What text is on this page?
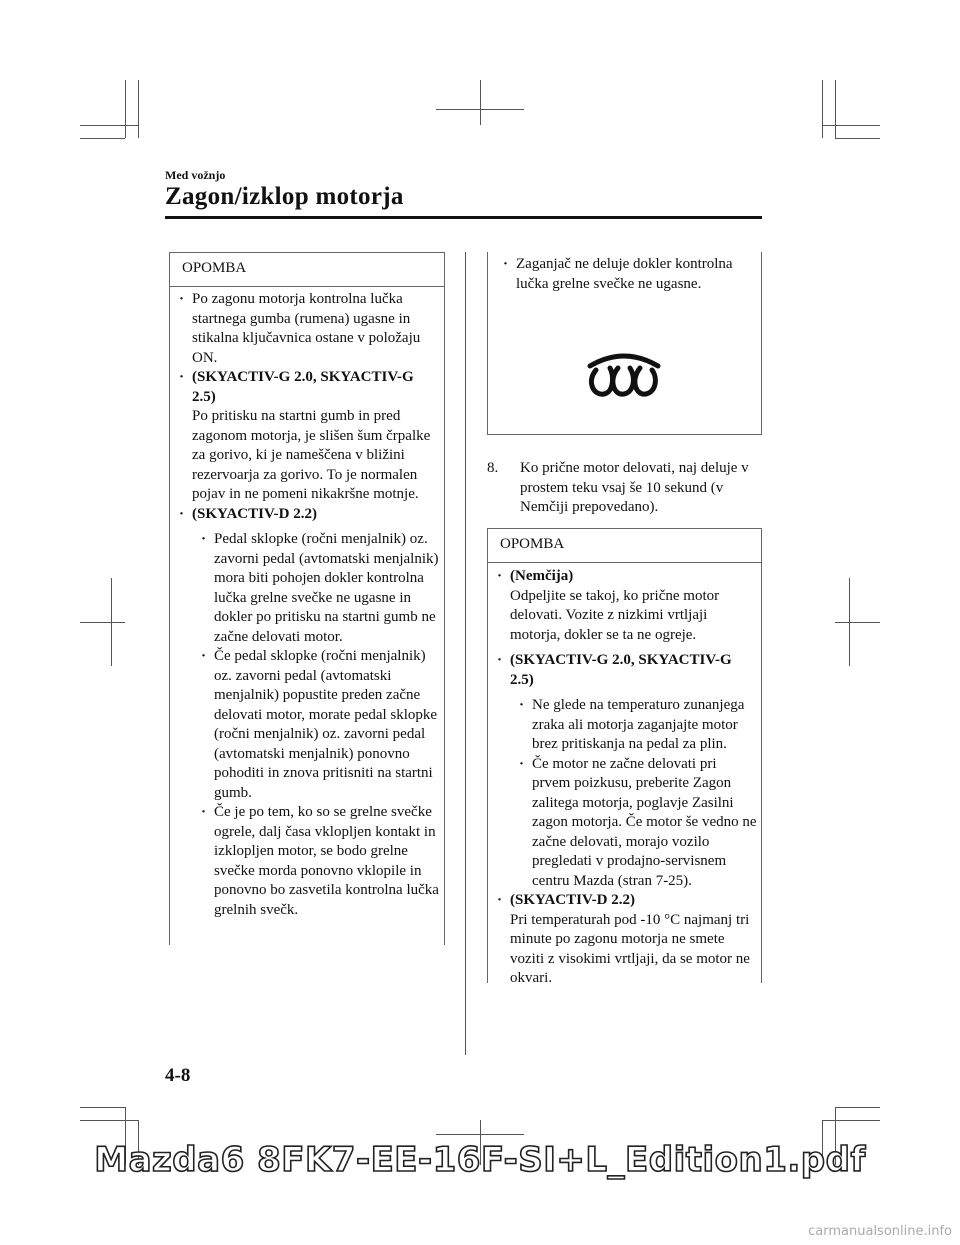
Med vožnjo
Zagon/izklop motorja
OPOMBA
· Po zagonu motorja kontrolna lučka startnega gumba (rumena) ugasne in stikalna ključavnica ostane v položaju ON.
· (SKYACTIV-G 2.0, SKYACTIV-G 2.5)
Po pritisku na startni gumb in pred zagonom motorja, je slišen šum črpalke za gorivo, ki je nameščena v bližini rezervoarja za gorivo. To je normalen pojav in ne pomeni nikakršne motnje.
· (SKYACTIV-D 2.2)
· Pedal sklopke (ročni menjalnik) oz. zavorni pedal (avtomatski menjalnik) mora biti pohojen dokler kontrolna lučka grelne svečke ne ugasne in dokler po pritisku na startni gumb ne začne delovati motor.
· Če pedal sklopke (ročni menjalnik) oz. zavorni pedal (avtomatski menjalnik) popustite preden začne delovati motor, morate pedal sklopke (ročni menjalnik) oz. zavorni pedal (avtomatski menjalnik) ponovno pohoditi in znova pritisniti na startni gumb.
· Če je po tem, ko so se grelne svečke ogrele, dalj časa vklopljen kontakt in izklopljen motor, se bodo grelne svečke morda ponovno vklopile in ponovno bo zasvetila kontrolna lučka grelnih svečk.
· Zaganjač ne deluje dokler kontrolna lučka grelne svečke ne ugasne.
8. Ko prične motor delovati, naj deluje v prostem teku vsaj še 10 sekund (v Nemčiji prepovedano).
OPOMBA
· (Nemčija)
Odpeljite se takoj, ko prične motor delovati. Vozite z nizkimi vrtljaji motorja, dokler se ta ne ogreje.
· (SKYACTIV-G 2.0, SKYACTIV-G 2.5)
· Ne glede na temperaturo zunanjega zraka ali motorja zaganjajte motor brez pritiskanja na pedal za plin.
· Če motor ne začne delovati pri prvem poizkusu, preberite Zagon zalitega motorja, poglavje Zasilni zagon motorja. Če motor še vedno ne začne delovati, morajo vozilo pregledati v prodajno-servisnem centru Mazda (stran 7-25).
· (SKYACTIV-D 2.2)
Pri temperaturah pod -10 °C najmanj tri minute po zagonu motorja ne smete voziti z visokimi vrtljaji, da se motor ne okvari.
4-8
Mazda6 8FK7-EE-16F-SI+L_Edition1.pdf
carmanualsonline.info
